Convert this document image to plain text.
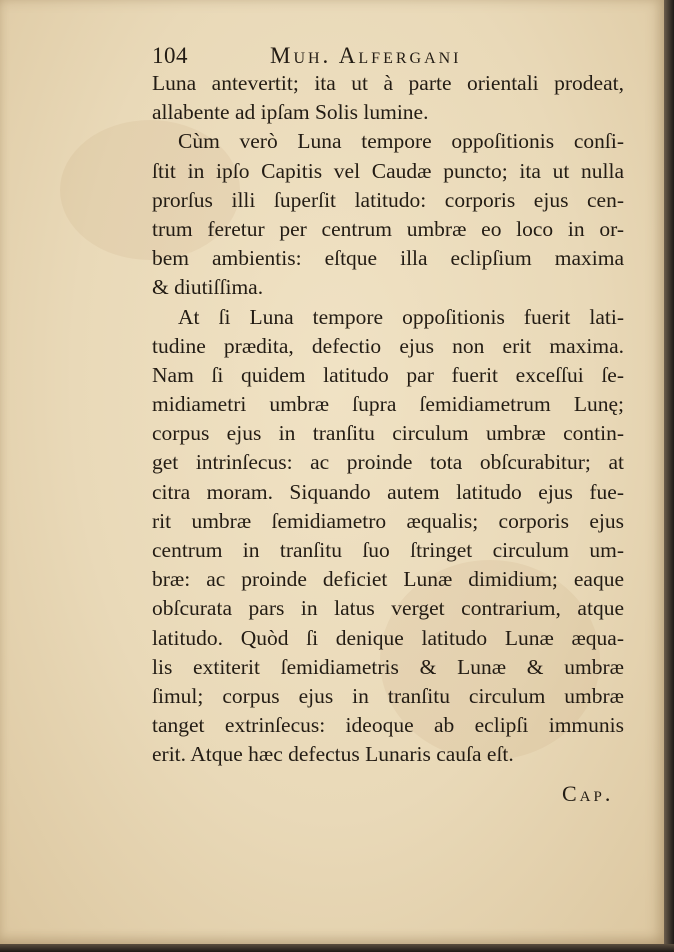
104	Muh. Alfergani
Luna antevertit; ita ut à parte orientali prodeat,
allabente ad ipſam Solis lumine.
Cùm verò Luna tempore oppoſitionis conſi-
ſtit in ipſo Capitis vel Caudæ puncto; ita ut nulla
prorſus illi ſuperſit latitudo: corporis ejus cen-
trum feretur per centrum umbræ eo loco in or-
bem ambientis: eſtque illa eclipſium maxima
& diutiſſima.
At ſi Luna tempore oppoſitionis fuerit lati-
tudine prædita, defectio ejus non erit maxima.
Nam ſi quidem latitudo par fuerit exceſſui ſe-
midiametri umbræ ſupra ſemidiametrum Lunę;
corpus ejus in tranſitu circulum umbræ contin-
get intrinſecus: ac proinde tota obſcurabitur; at
citra moram. Siquando autem latitudo ejus fue-
rit umbræ ſemidiametro æqualis; corporis ejus
centrum in tranſitu ſuo ſtringet circulum um-
bræ: ac proinde deficiet Lunæ dimidium; eaque
obſcurata pars in latus verget contrarium, atque
latitudo. Quòd ſi denique latitudo Lunæ æqua-
lis extiterit ſemidiametris & Lunæ & umbræ
ſimul; corpus ejus in tranſitu circulum umbræ
tanget extrinſecus: ideoque ab eclipſi immunis
erit. Atque hæc defectus Lunaris cauſa eſt.
Cap.
